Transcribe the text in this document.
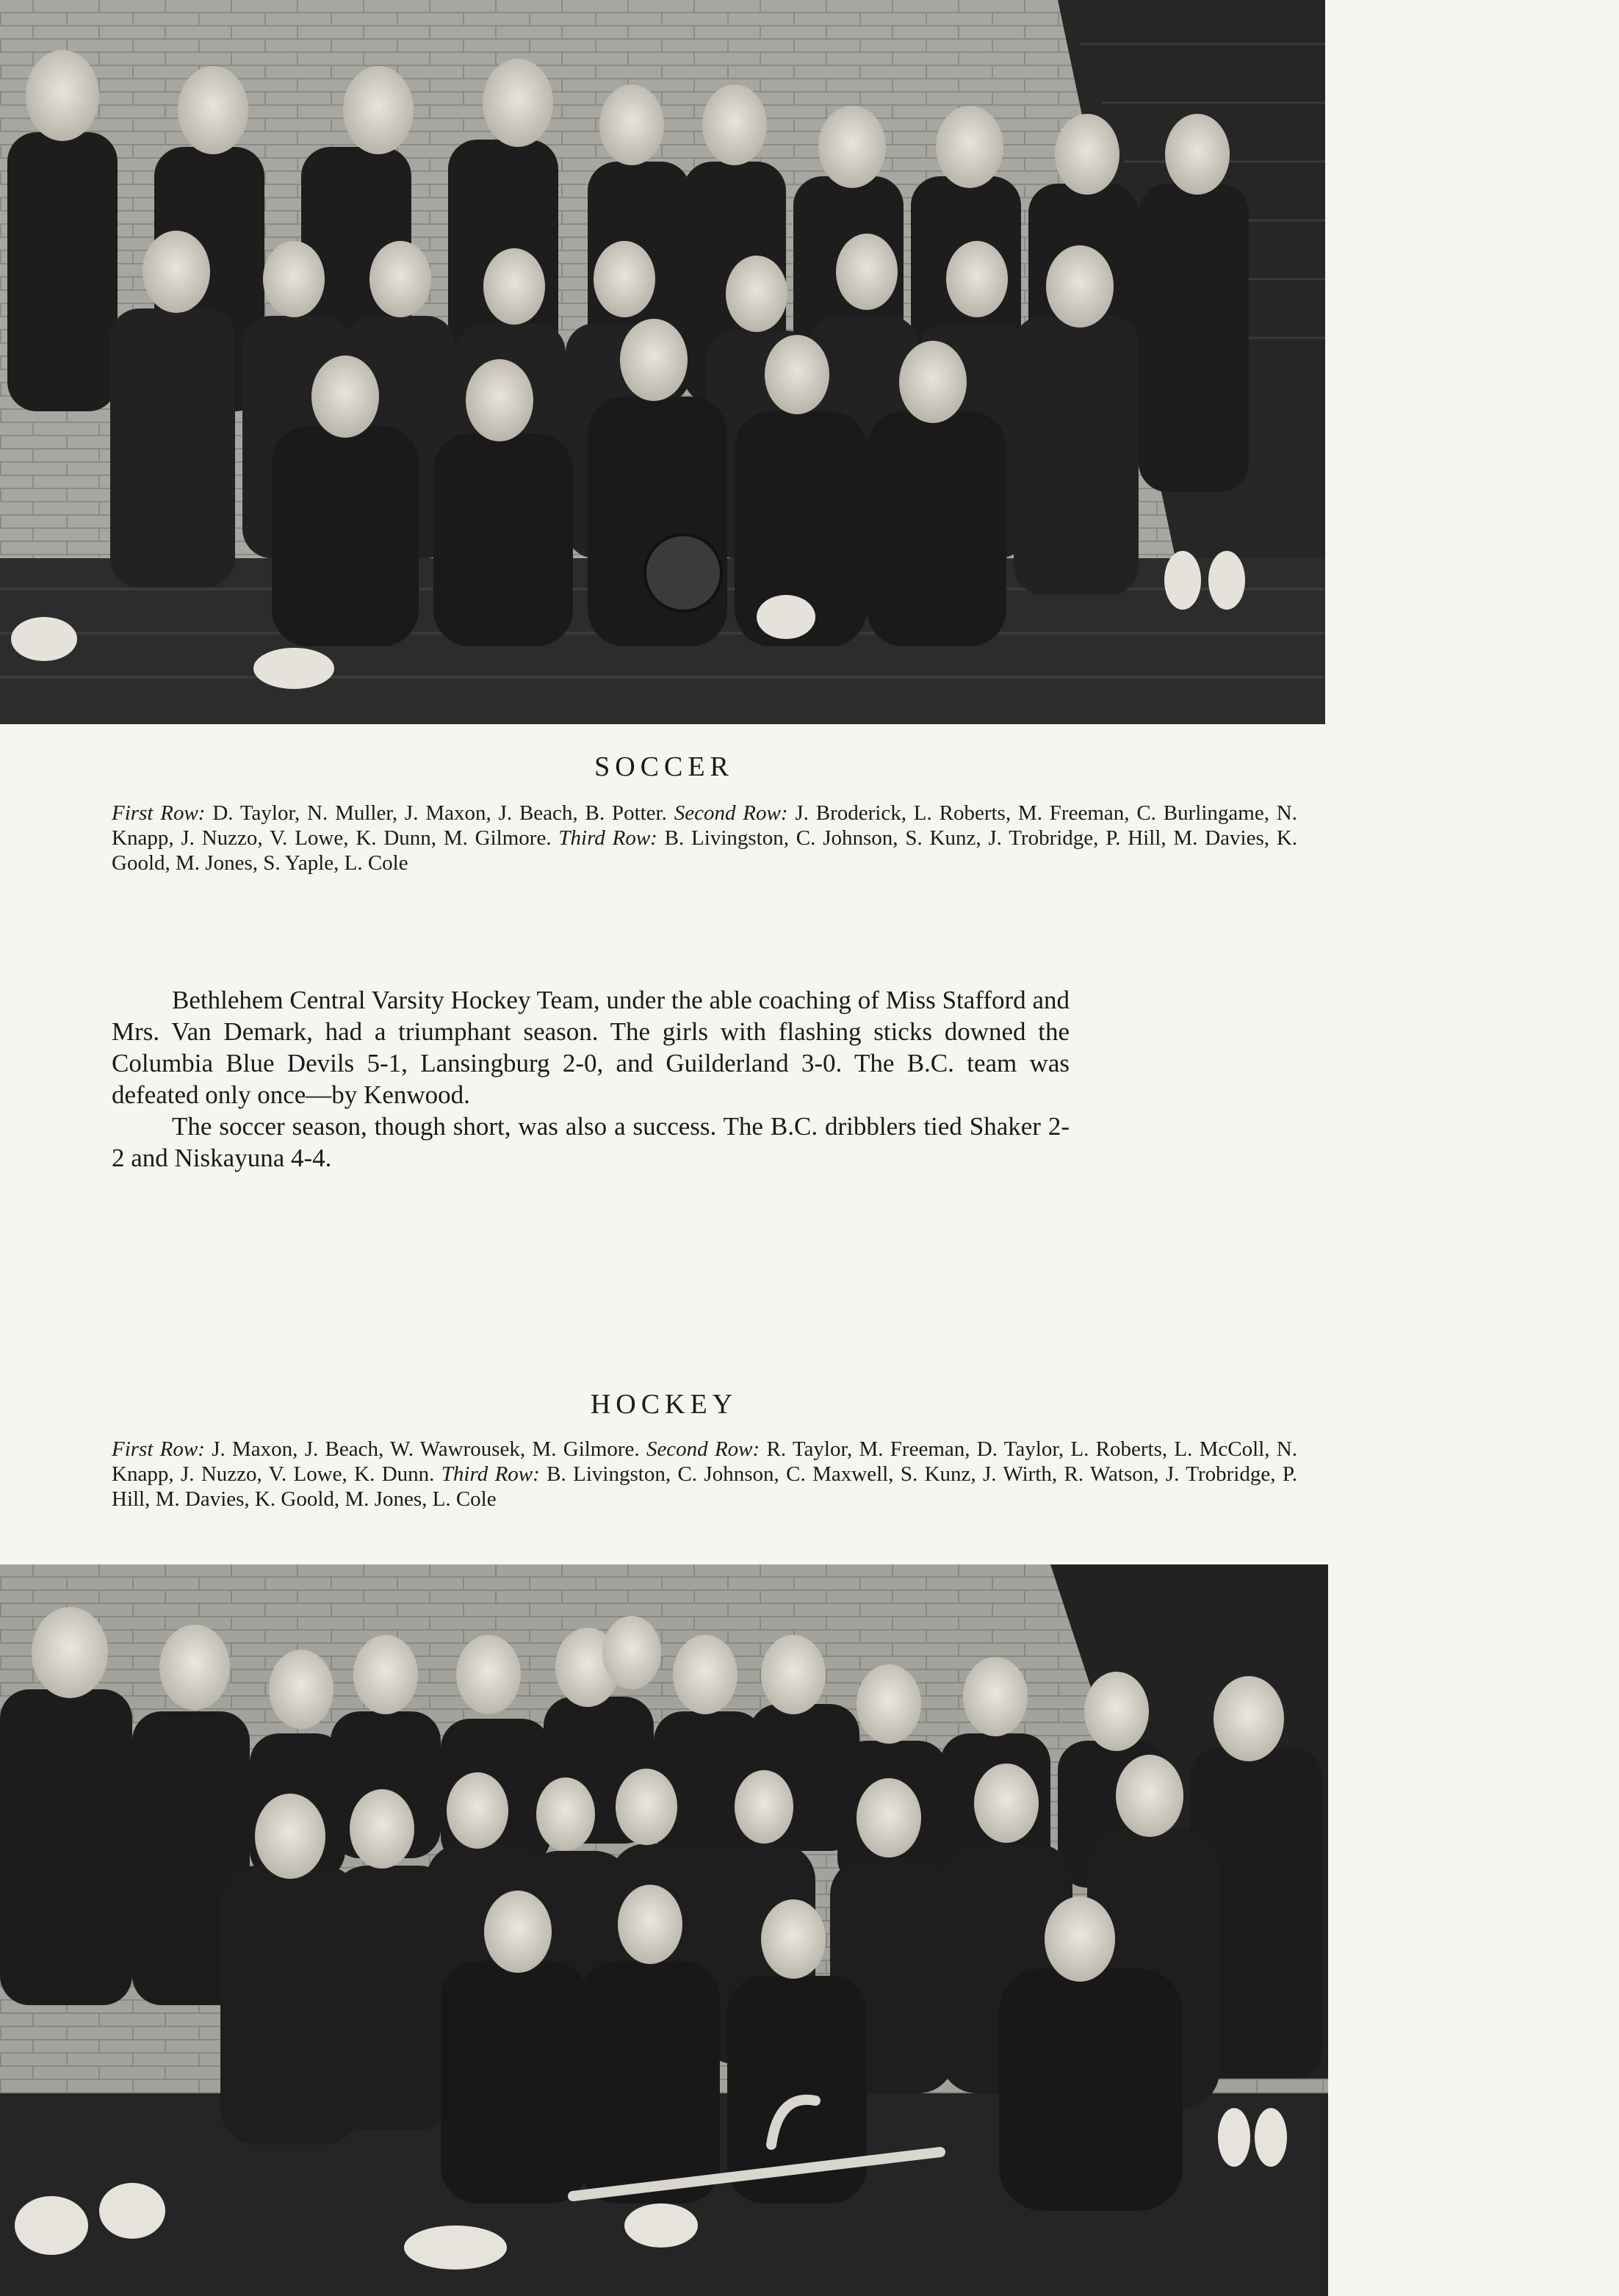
SOCCER
First Row: D. Taylor, N. Muller, J. Maxon, J. Beach, B. Potter. Second Row: J. Broderick, L. Roberts, M. Freeman, C. Burlingame, N. Knapp, J. Nuzzo, V. Lowe, K. Dunn, M. Gilmore. Third Row: B. Livingston, C. Johnson, S. Kunz, J. Trobridge, P. Hill, M. Davies, K. Goold, M. Jones, S. Yaple, L. Cole

Bethlehem Central Varsity Hockey Team, under the able coaching of Miss Stafford and Mrs. Van Demark, had a triumphant season. The girls with flashing sticks downed the Columbia Blue Devils 5-1, Lansingburg 2-0, and Guilderland 3-0. The B.C. team was defeated only once—by Kenwood.

The soccer season, though short, was also a success. The B.C. dribblers tied Shaker 2-2 and Niskayuna 4-4.

HOCKEY
First Row: J. Maxon, J. Beach, W. Wawrousek, M. Gilmore. Second Row: R. Taylor, M. Freeman, D. Taylor, L. Roberts, L. McColl, N. Knapp, J. Nuzzo, V. Lowe, K. Dunn. Third Row: B. Livingston, C. Johnson, C. Maxwell, S. Kunz, J. Wirth, R. Watson, J. Trobridge, P. Hill, M. Davies, K. Goold, M. Jones, L. Cole
